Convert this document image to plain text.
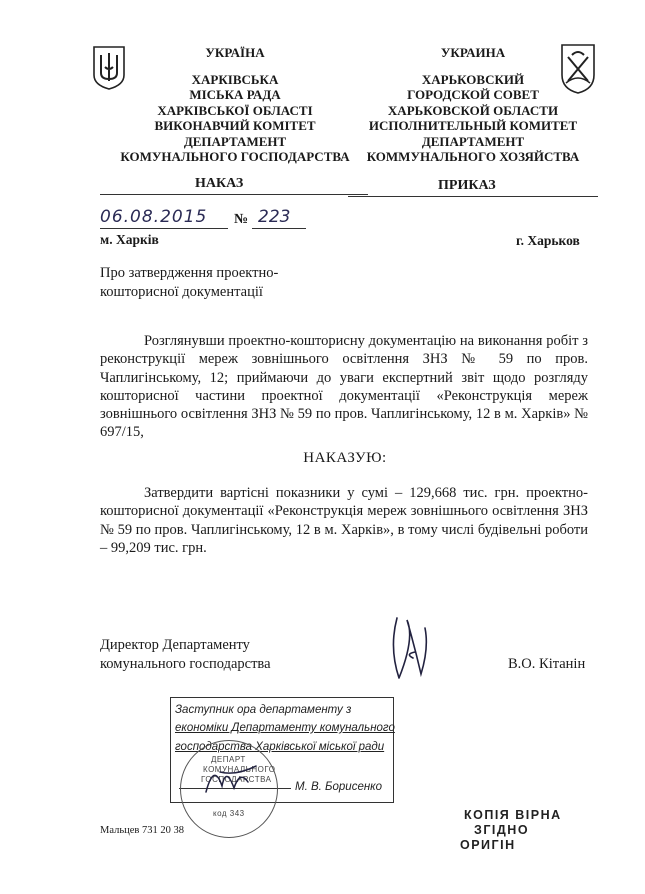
УКРАЇНА
ХАРКІВСЬКА
МІСЬКА РАДА
ХАРКІВСЬКОЇ ОБЛАСТІ
ВИКОНАВЧИЙ КОМІТЕТ
ДЕПАРТАМЕНТ
КОМУНАЛЬНОГО ГОСПОДАРСТВА
УКРАИНА
ХАРЬКОВСКИЙ
ГОРОДСКОЙ СОВЕТ
ХАРЬКОВСКОЙ ОБЛАСТИ
ИСПОЛНИТЕЛЬНЫЙ КОМИТЕТ
ДЕПАРТАМЕНТ
КОММУНАЛЬНОГО ХОЗЯЙСТВА
НАКАЗ	ПРИКАЗ
06.08.2015 № 223
м. Харків	г. Харьков
Про затвердження проектно-
кошторисної документації
Розглянувши проектно-кошторисну документацію на виконання робіт з реконструкції мереж зовнішнього освітлення ЗНЗ № 59 по пров. Чаплигінському, 12; приймаючи до уваги експертний звіт щодо розгляду кошторисної частини проектної документації «Реконструкція мереж зовнішнього освітлення ЗНЗ № 59 по пров. Чаплигінському, 12 в м. Харків» № 697/15,
НАКАЗУЮ:
Затвердити вартісні показники у сумі – 129,668 тис. грн. проектно-кошторисної документації «Реконструкція мереж зовнішнього освітлення ЗНЗ № 59 по пров. Чаплигінському, 12 в м. Харків», в тому числі будівельні роботи – 99,209 тис. грн.
Директор Департаменту
комунального господарства	В.О. Кітанін
Заступник ора департаменту з
економіки Департаменту комунального
господарства Харківської міської ради
М. В. Борисенко
ДЕПАРТ
КОМУНАЛЬНОГО
ГОСПОДАРСТВА
код 343
Мальцев 731 20 38
КОПІЯ ВІРНА
ЗГІДНО
ОРИГІН
